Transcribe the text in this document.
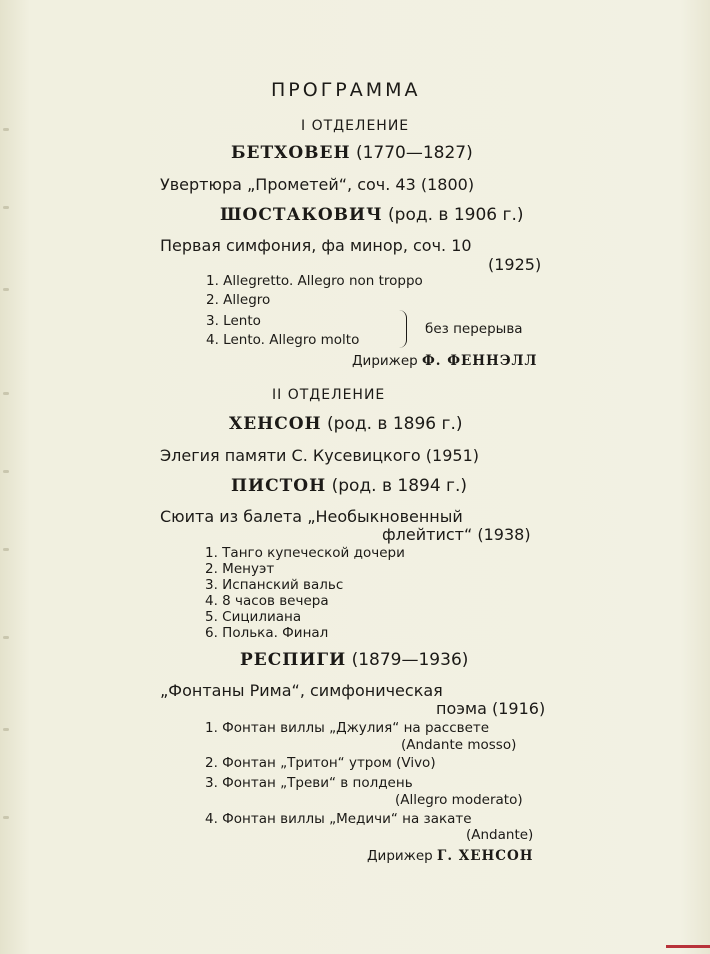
ПРОГРАММА
I ОТДЕЛЕНИЕ
БЕТХОВЕН (1770—1827)
Увертюра „Прометей“, соч. 43 (1800)
ШОСТАКОВИЧ (род. в 1906 г.)
Первая симфония, фа минор, соч. 10
(1925)
1. Allegretto. Allegro non troppo
2. Allegro
3. Lento
4. Lento. Allegro molto
без перерыва
Дирижер Ф. ФЕННЭЛЛ
II ОТДЕЛЕНИЕ
ХЕНСОН (род. в 1896 г.)
Элегия памяти С. Кусевицкого (1951)
ПИСТОН (род. в 1894 г.)
Сюита из балета „Необыкновенный
флейтист“ (1938)
1. Танго купеческой дочери
2. Менуэт
3. Испанский вальс
4. 8 часов вечера
5. Сицилиана
6. Полька. Финал
РЕСПИГИ (1879—1936)
„Фонтаны Рима“, симфоническая
поэма (1916)
1. Фонтан виллы „Джулия“ на рассвете
(Andante mosso)
2. Фонтан „Тритон“ утром (Vivo)
3. Фонтан „Треви“ в полдень
(Allegro moderato)
4. Фонтан виллы „Медичи“ на закате
(Andante)
Дирижер Г. ХЕНСОН
